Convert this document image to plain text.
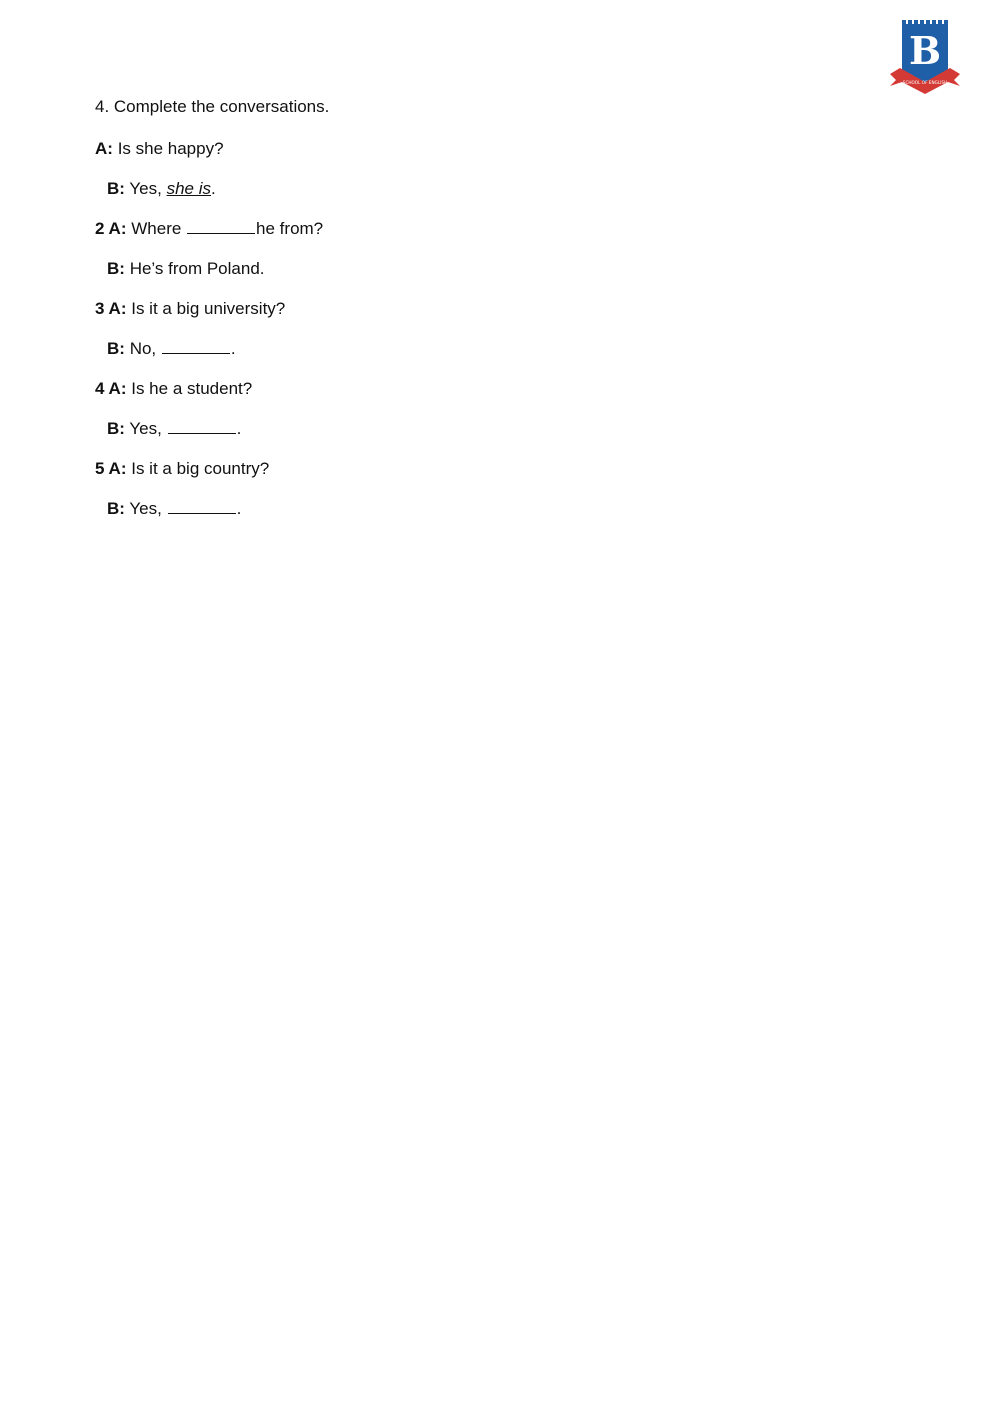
B
SCHOOL OF ENGLISH
4. Complete the conversations.
A: Is she happy?
B: Yes, she is.
2 A: Where	he from?
B: He’s from Poland.
3 A: Is it a big university?
B: No,	.
4 A: Is he a student?
B: Yes,	.
5 A: Is it a big country?
B: Yes,	.
